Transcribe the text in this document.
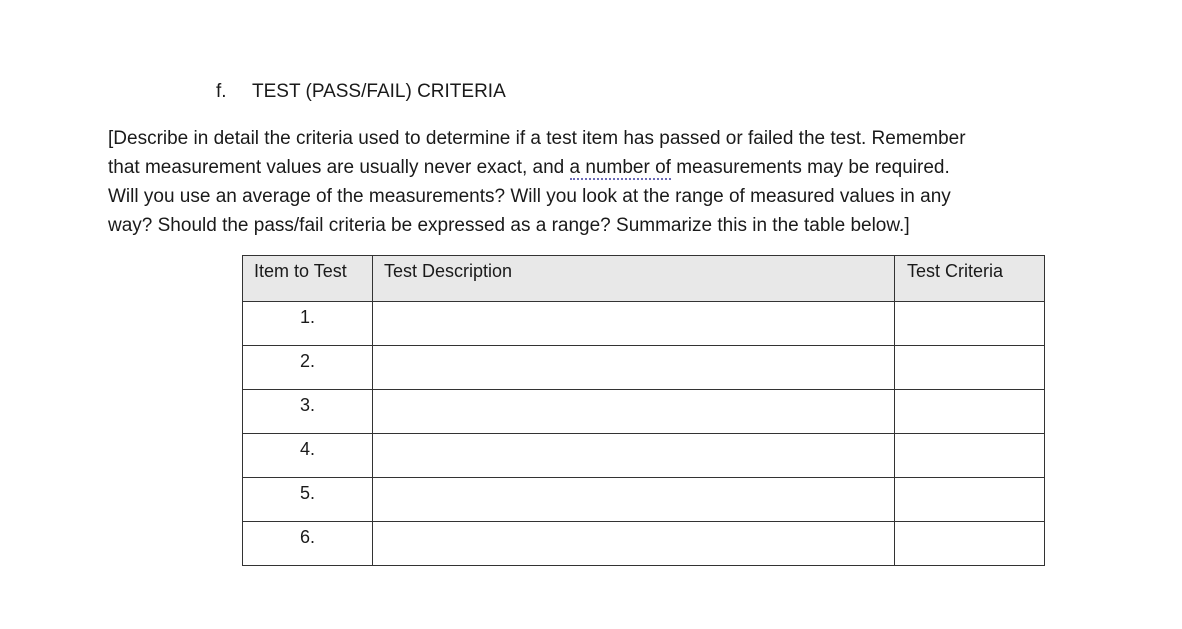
f. TEST (PASS/FAIL) CRITERIA
[Describe in detail the criteria used to determine if a test item has passed or failed the test. Remember
that measurement values are usually never exact, and a number of measurements may be required.
Will you use an average of the measurements? Will you look at the range of measured values in any
way? Should the pass/fail criteria be expressed as a range? Summarize this in the table below.]
Item to Test	Test Description	Test Criteria
1.		
2.		
3.		
4.		
5.		
6.		
